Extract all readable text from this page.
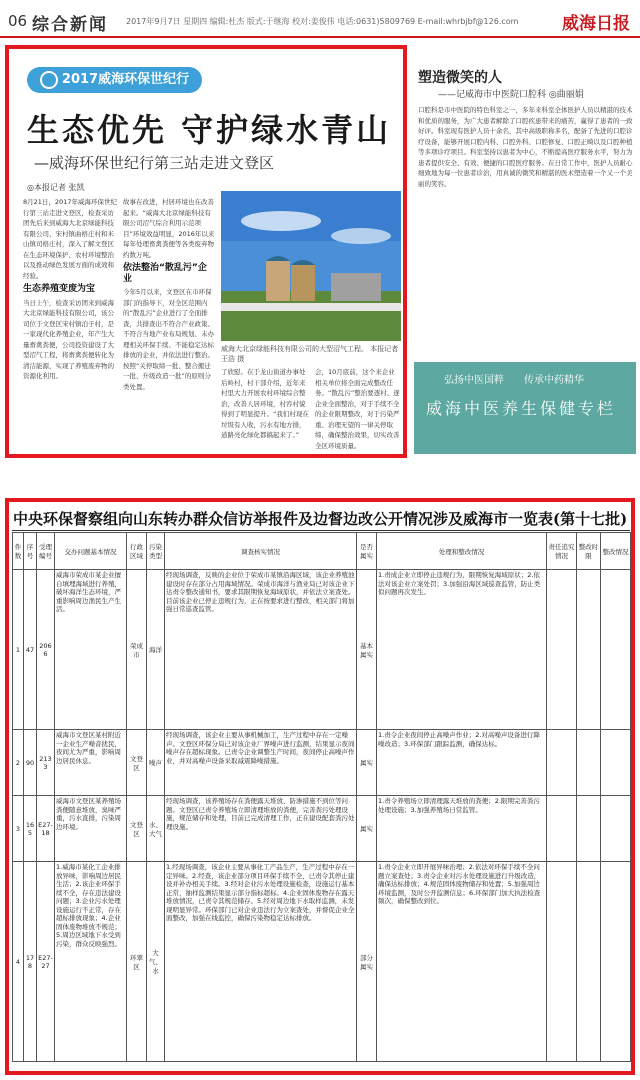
06 综合新闻 2017年9月7日 星期四 编辑:杜杰 版式:于继海 校对:姜俊伟 电话:0631)5809769 E-mail:whrbjbf@126.com	威海日报
2017威海环保世纪行
生态优先 守护绿水青山
—威海环保世纪行第三站走进文登区
◎本报记者 张凯
8月21日，2017年威海环保世纪行第三站走进文登区，检查采访团先后来到威海大北京绿能科技有限公司、宋村镇曲格庄村和米山镇司格庄村，深入了解文登区在生态环境保护、农村环境整治以及推动绿色发展方面的成效和经验。
生态养殖变废为宝
当日上午，检查采访团来到威海大北京绿能科技有限公司，该公司位于文登区宋村镇泊子村，是一家现代化养殖企业，年产生大量畜禽粪便，公司投资建设了大型沼气工程，将畜禽粪便转化为清洁能源，实现了养殖废弃物的资源化利用。
故事在改进，村居环境也在改善起来。“威海大北京绿能科技有限公司沼气综合利用示范项目”环境效益明显，2016年以来每年处理畜禽粪便等各类废弃物约数万吨。
依法整治“散乱污”企业
今年5月以来，文登区在市环保部门的指导下，对全区范围内的“散乱污”企业进行了全面排查，共排查出不符合产业政策、不符合当地产业布局规划、未办理相关环保手续、不能稳定达标排放的企业，并依法进行整治。按照“关停取缔一批、整合搬迁一批、升级改造一批”的原则分类处置。
威海大北京绿能科技有限公司的大型沼气工程。 本报记者 王浩 摄
了欣慰。在于龙山街道办事处后岭村，村干部介绍，近年来村里大力开展农村环境综合整治，改善人居环境，村容村貌得到了明显提升。“我们村现在垃圾有人收，污水有地方排，道路亮化绿化都搞起来了。”
会，10月底前，这个来企业相关单位将全面完成整改任务。“散乱污”整治要逐村、逐企业全面整治，对于手续不全的企业限期整改，对于污染严重、治理无望的一律关停取缔，确保整治效果，切实改善全区环境质量。
塑造微笑的人
——记威海市中医院口腔科 ◎曲丽娟
口腔科是市中医院的特色科室之一，多年来科室全体医护人员以精湛的技术和优质的服务，为广大患者解除了口腔疾患带来的痛苦，赢得了患者的一致好评。科室现有医护人员十余名，其中高级职称多名，配备了先进的口腔诊疗设备，能够开展口腔内科、口腔外科、口腔修复、口腔正畸以及口腔种植等多项诊疗项目。科室坚持以患者为中心，不断提高医疗服务水平，努力为患者提供安全、有效、便捷的口腔医疗服务。在日常工作中，医护人员耐心细致地为每一位患者诊治，用真诚的微笑和精湛的医术塑造着一个又一个美丽的笑容。
弘扬中医国粹 传承中药精华
威海中医养生保健专栏
中央环保督察组向山东转办群众信访举报件及边督边改公开情况涉及威海市一览表(第十七批)
件数	序号	受理编号	交办问题基本情况	行政区域	污染类型	调查核实情况	是否属实	处理和整改情况	责任追究情况	整改时限	整改情况
1	47	2066	威海市荣成市某企业擅自填埋海域进行养殖，破坏海洋生态环境，严重影响周边渔民生产生活。	荣成市	海洋	经现场调查，反映的企业位于荣成市某镇沿海区域，该企业养殖池建设时存在部分占用海域情况。荣成市海洋与渔业局已对该企业下达责令整改通知书，要求其限期恢复海域原状，并依法立案查处。目前该企业已停止违规行为，正在按要求进行整改，相关部门将加强日常巡查监管。	基本属实	1.责成企业立即停止违规行为，限期恢复海域原状；2.依法对该企业立案处罚；3.加强沿海区域巡查监管，防止类似问题再次发生。			
2	90	2133	威海市文登区某村附近一企业生产噪音扰民，夜间尤为严重，影响周边居民休息。	文登区	噪声	经现场调查，该企业主要从事机械加工，生产过程中存在一定噪声。文登区环保分局已对该企业厂界噪声进行监测，结果显示夜间噪声存在超标现象。已责令企业调整生产时间，夜间停止高噪声作业，并对高噪声设备采取减震降噪措施。	属实	1.责令企业夜间停止高噪声作业；2.对高噪声设备进行降噪改造；3.环保部门跟踪监测，确保达标。			
3	165	E27-18	威海市文登区某养殖场粪便随意堆放，臭味严重，污水直排，污染周边环境。	文登区	水、大气	经现场调查，该养殖场存在粪便露天堆放、防渗措施不到位等问题。文登区已责令养殖场立即清理堆放的粪便，完善粪污处理设施，规范储存和处理，目前已完成清理工作，正在建设配套粪污处理设施。	属实	1.责令养殖场立即清理露天堆放的粪便；2.限期完善粪污处理设施；3.加强养殖场日常监管。			
4	178	E27-27	1.威海市某化工企业排放异味，影响周边居民生活；2.该企业环保手续不全，存在违法建设问题；3.企业污水处理设施运行不正常，存在超标排放现象；4.企业固体废物堆放不规范；5.周边区域地下水受到污染，群众反映强烈。	环翠区	大气、水	1.经现场调查，该企业主要从事化工产品生产，生产过程中存在一定异味。2.经查，该企业部分项目环保手续不全，已责令其停止建设并补办相关手续。3.经对企业污水处理设施检查，设施运行基本正常，抽样监测结果显示部分指标超标。4.企业固体废物存在露天堆放情况，已责令其规范储存。5.经对周边地下水取样监测，未发现明显异常。环保部门已对企业违法行为立案查处，并督促企业全面整改，加强在线监控，确保污染物稳定达标排放。	部分属实	1.责令企业立即开展异味治理；2.依法对环保手续不全问题立案查处；3.责令企业对污水处理设施进行升级改造，确保达标排放；4.规范固体废物储存和处置；5.加强周边环境监测，及时公开监测信息；6.环保部门加大执法检查频次，确保整改到位。			
